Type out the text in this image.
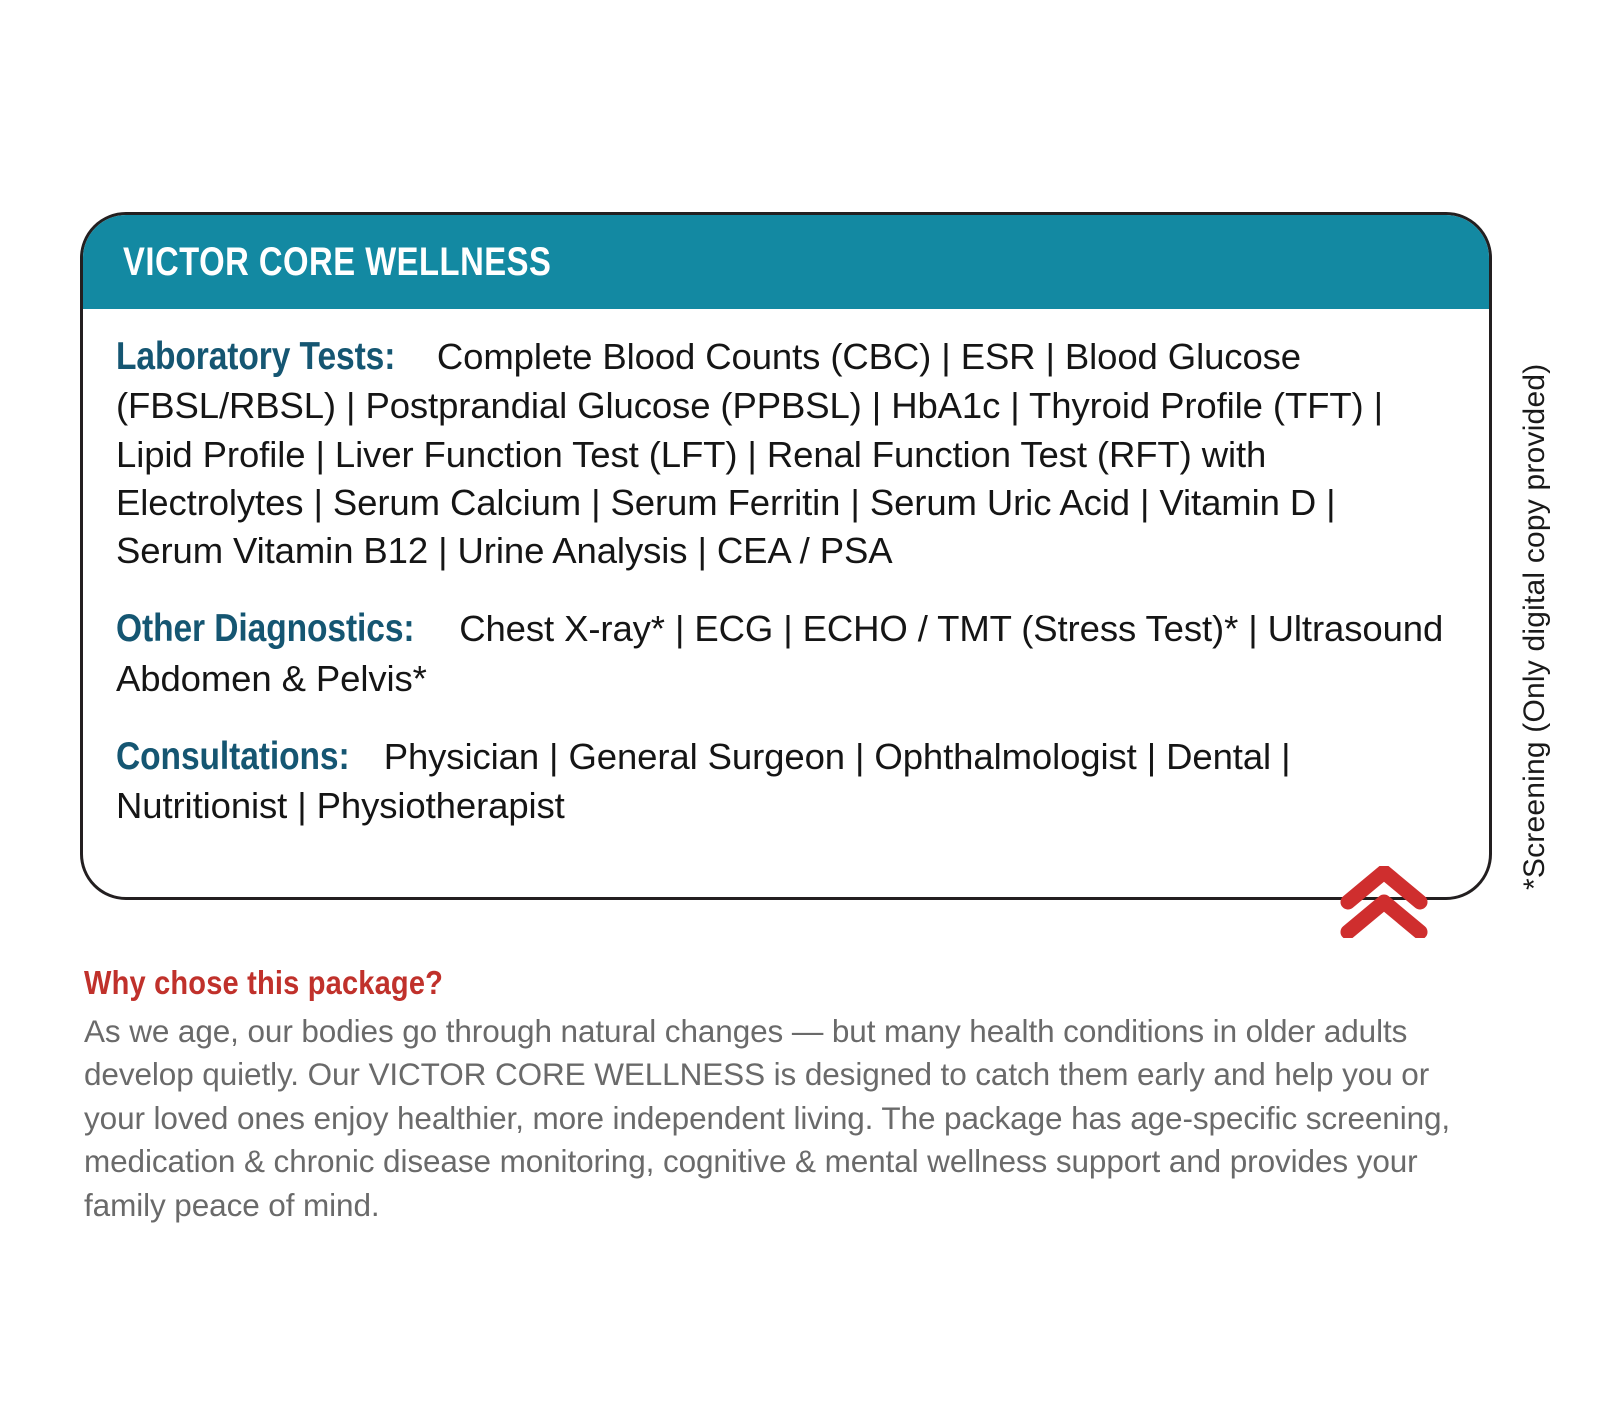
VICTOR CORE WELLNESS
Laboratory Tests: Complete Blood Counts (CBC) | ESR | Blood Glucose (FBSL/RBSL) | Postprandial Glucose (PPBSL) | HbA1c | Thyroid Profile (TFT) | Lipid Profile | Liver Function Test (LFT) | Renal Function Test (RFT) with Electrolytes | Serum Calcium | Serum Ferritin | Serum Uric Acid | Vitamin D | Serum Vitamin B12 | Urine Analysis | CEA / PSA
Other Diagnostics: Chest X-ray* | ECG | ECHO / TMT (Stress Test)* | Ultrasound Abdomen & Pelvis*
Consultations: Physician | General Surgeon | Ophthalmologist | Dental | Nutritionist | Physiotherapist	*Screening (Only digital copy provided)
Why chose this package?
As we age, our bodies go through natural changes — but many health conditions in older adults develop quietly. Our VICTOR CORE WELLNESS is designed to catch them early and help you or your loved ones enjoy healthier, more independent living. The package has age-specific screening, medication & chronic disease monitoring, cognitive & mental wellness support and provides your family peace of mind.
